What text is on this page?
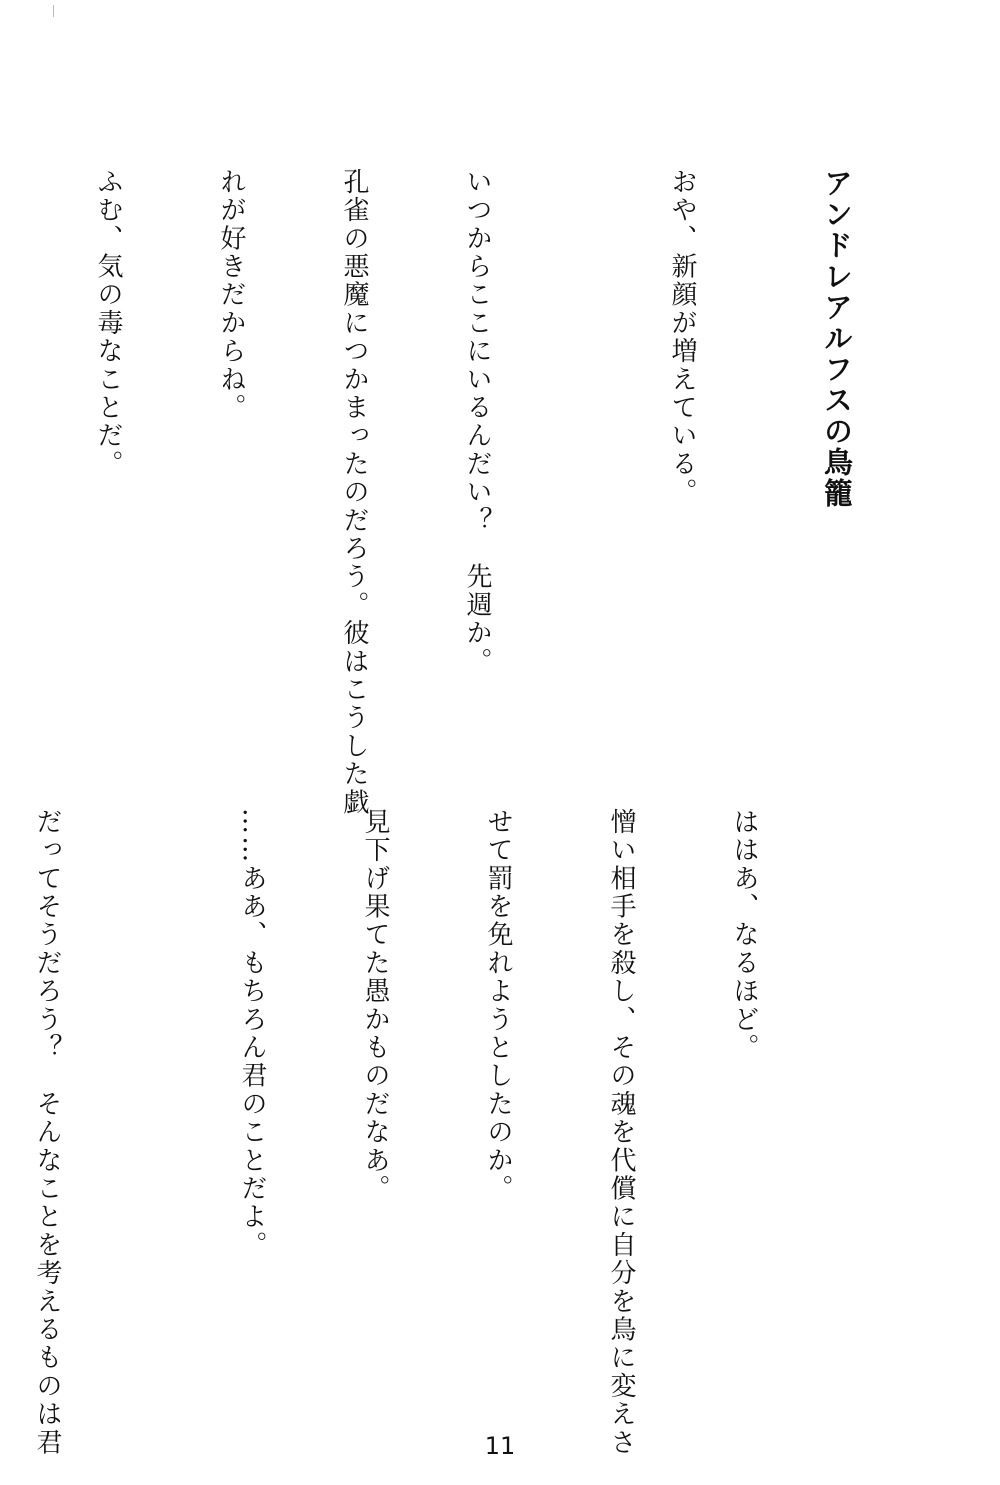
アンドレアルフスの鳥籠

おや、新顔が増えている。

いつからここにいるんだい？　先週か。

孔雀の悪魔につかまったのだろう。彼はこうした戯

れが好きだからね。

ふむ、気の毒なことだ。

ははあ、なるほど。

憎い相手を殺し、その魂を代償に自分を鳥に変えさ

せて罰を免れようとしたのか。

見下げ果てた愚かものだなあ。

……ああ、もちろん君のことだよ。

だってそうだろう？　そんなことを考えるものは君

	11
